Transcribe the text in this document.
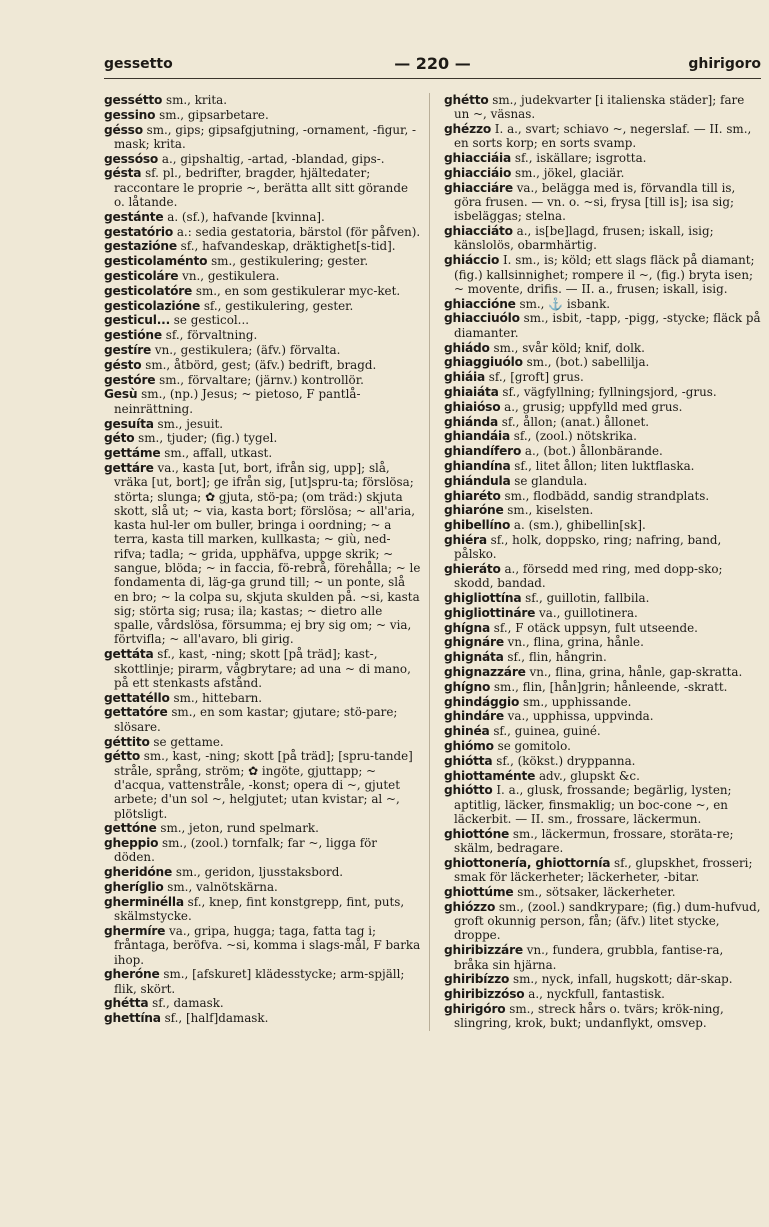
gessetto	— 220 —	ghirigoro

gessétto sm., krita.

gessino sm., gipsarbetare.

gésso sm., gips; gipsafgjutning, -ornament, -figur, -mask; krita.

gessóso a., gipshaltig, -artad, -blandad, gips-.

gésta sf. pl., bedrifter, bragder, hjältedater; raccontare le proprie ~, berätta allt sitt görande o. låtande.

gestánte a. (sf.), hafvande [kvinna].

gestatório a.: sedia gestatoria, bärstol (för påfven).

gestazióne sf., hafvandeskap, dräktighet[s-tid].

gesticolaménto sm., gestikulering; gester.

gesticoláre vn., gestikulera.

gesticolatóre sm., en som gestikulerar myc-ket.

gesticolazióne sf., gestikulering, gester.

gesticul... se gesticol...

gestióne sf., förvaltning.

gestíre vn., gestikulera; (äfv.) förvalta.

gésto sm., åtbörd, gest; (äfv.) bedrift, bragd.

gestóre sm., förvaltare; (järnv.) kontrollör.

Gesù sm., (np.) Jesus; ~ pietoso, F pantlå-neinrättning.

gesuíta sm., jesuit.

géto sm., tjuder; (fig.) tygel.

gettáme sm., affall, utkast.

gettáre va., kasta [ut, bort, ifrån sig, upp]; slå, vräka [ut, bort]; ge ifrån sig, [ut]spru-ta; förslösa; störta; slunga; ✿ gjuta, stö-pa; (om träd:) skjuta skott, slå ut; ~ via, kasta bort; förslösa; ~ all'aria, kasta hul-ler om buller, bringa i oordning; ~ a terra, kasta till marken, kullkasta; ~ giù, ned-rifva; tadla; ~ grida, upphäfva, uppge skrik; ~ sangue, blöda; ~ in faccia, fö-rebrå, förehålla; ~ le fondamenta di, läg-ga grund till; ~ un ponte, slå en bro; ~ la colpa su, skjuta skulden på. ~si, kasta sig; störta sig; rusa; ila; kastas; ~ dietro alle spalle, vårdslösa, försumma; ej bry sig om; ~ via, förtvifla; ~ all'avaro, bli girig.

gettáta sf., kast, -ning; skott [på träd]; kast-, skottlinje; pirarm, vågbrytare; ad una ~ di mano, på ett stenkasts afstånd.

gettatéllo sm., hittebarn.

gettatóre sm., en som kastar; gjutare; stö-pare; slösare.

géttito se gettame.

gétto sm., kast, -ning; skott [på träd]; [spru-tande] stråle, språng, ström; ✿ ingöte, gjuttapp; ~ d'acqua, vattenstråle, -konst; opera di ~, gjutet arbete; d'un sol ~, helgjutet; utan kvistar; al ~, plötsligt.

gettóne sm., jeton, rund spelmark.

gheppio sm., (zool.) tornfalk; far ~, ligga för döden.

gheridóne sm., geridon, ljusstaksbord.

gheríglio sm., valnötskärna.

gherminélla sf., knep, fint konstgrepp, fint, puts, skälmstycke.

ghermíre va., gripa, hugga; taga, fatta tag i; fråntaga, beröfva. ~si, komma i slags-mål, F barka ihop.

gheróne sm., [afskuret] klädesstycke; arm-spjäll; flik, skört.

ghétta sf., damask.

ghettína sf., [half]damask.

ghétto sm., judekvarter [i italienska städer]; fare un ~, väsnas.

ghézzo I. a., svart; schiavo ~, negerslaf. — II. sm., en sorts korp; en sorts svamp.

ghiacciáia sf., iskällare; isgrotta.

ghiacciáio sm., jökel, glaciär.

ghiacciáre va., belägga med is, förvandla till is, göra frusen. — vn. o. ~si, frysa [till is]; isa sig; isbeläggas; stelna.

ghiacciáto a., is[be]lagd, frusen; iskall, isig; känslolös, obarmhärtig.

ghiáccio I. sm., is; köld; ett slags fläck på diamant; (fig.) kallsinnighet; rompere il ~, (fig.) bryta isen; ~ movente, drifis. — II. a., frusen; iskall, isig.

ghiaccióne sm., ⚓ isbank.

ghiacciuólo sm., isbit, -tapp, -pigg, -stycke; fläck på diamanter.

ghiádo sm., svår köld; knif, dolk.

ghiaggiuólo sm., (bot.) sabellilja.

ghiáia sf., [groft] grus.

ghiaiáta sf., vägfyllning; fyllningsjord, -grus.

ghiaióso a., grusig; uppfylld med grus.

ghiánda sf., ållon; (anat.) ållonet.

ghiandáia sf., (zool.) nötskrika.

ghiandífero a., (bot.) ållonbärande.

ghiandína sf., litet ållon; liten luktflaska.

ghiándula se glandula.

ghiaréto sm., flodbädd, sandig strandplats.

ghiaróne sm., kiselsten.

ghibellíno a. (sm.), ghibellin[sk].

ghiéra sf., holk, doppsko, ring; nafring, band, pålsko.

ghieráto a., försedd med ring, med dopp-sko; skodd, bandad.

ghigliottína sf., guillotin, fallbila.

ghigliottináre va., guillotinera.

ghígna sf., F otäck uppsyn, fult utseende.

ghignáre vn., flina, grina, hånle.

ghignáta sf., flin, hångrin.

ghignazzáre vn., flina, grina, hånle, gap-skratta.

ghígno sm., flin, [hån]grin; hånleende, -skratt.

ghindággio sm., upphissande.

ghindáre va., upphissa, uppvinda.

ghinéa sf., guinea, guiné.

ghiómo se gomitolo.

ghiótta sf., (kökst.) dryppanna.

ghiottaménte adv., glupskt &c.

ghiótto I. a., glusk, frossande; begärlig, lysten; aptitlig, läcker, finsmaklig; un boc-cone ~, en läckerbit. — II. sm., frossare, läckermun.

ghiottóne sm., läckermun, frossare, storäta-re; skälm, bedragare.

ghiottonería, ghiottornía sf., glupskhet, frosseri; smak för läckerheter; läckerheter, -bitar.

ghiottúme sm., sötsaker, läckerheter.

ghiózzo sm., (zool.) sandkrypare; (fig.) dum-hufvud, groft okunnig person, fån; (äfv.) litet stycke, droppe.

ghiribizzáre vn., fundera, grubbla, fantise-ra, bråka sin hjärna.

ghiribízzo sm., nyck, infall, hugskott; där-skap.

ghiribizzóso a., nyckfull, fantastisk.

ghirigóro sm., streck hårs o. tvärs; krök-ning, slingring, krok, bukt; undanflykt, omsvep.
